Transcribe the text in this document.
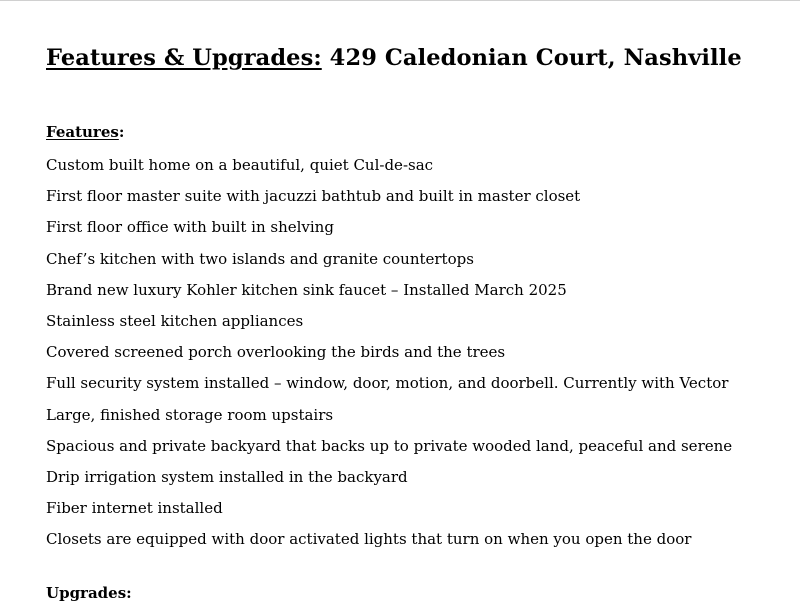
Features & Upgrades: 429 Caledonian Court, Nashville
Features:
Custom built home on a beautiful, quiet Cul-de-sac
First floor master suite with jacuzzi bathtub and built in master closet
First floor office with built in shelving
Chef’s kitchen with two islands and granite countertops
Brand new luxury Kohler kitchen sink faucet – Installed March 2025
Stainless steel kitchen appliances
Covered screened porch overlooking the birds and the trees
Full security system installed – window, door, motion, and doorbell. Currently with Vector
Large, finished storage room upstairs
Spacious and private backyard that backs up to private wooded land, peaceful and serene
Drip irrigation system installed in the backyard
Fiber internet installed
Closets are equipped with door activated lights that turn on when you open the door
Upgrades:
